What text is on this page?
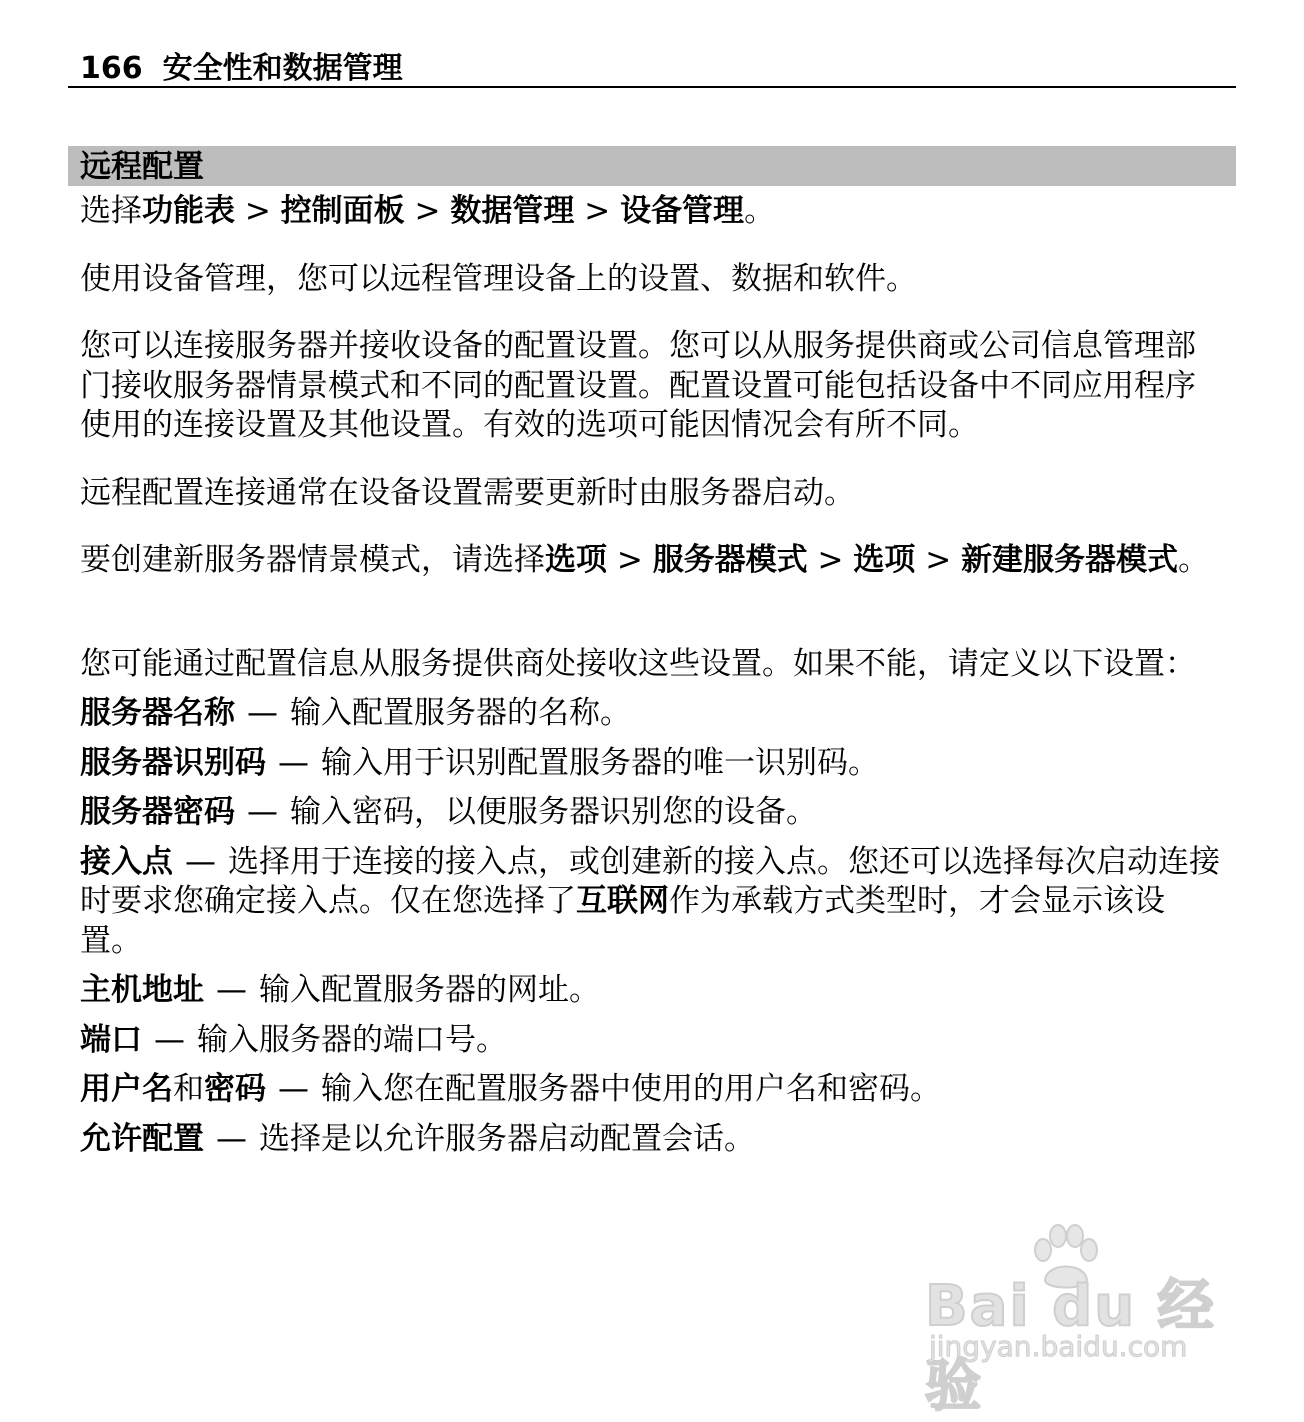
166 安全性和数据管理
远程配置

选择功能表 > 控制面板 > 数据管理 > 设备管理。

使用设备管理，您可以远程管理设备上的设置、数据和软件。

您可以连接服务器并接收设备的配置设置。您可以从服务提供商或公司信息管理部门接收服务器情景模式和不同的配置设置。配置设置可能包括设备中不同应用程序使用的连接设置及其他设置。有效的选项可能因情况会有所不同。

远程配置连接通常在设备设置需要更新时由服务器启动。

要创建新服务器情景模式，请选择选项 > 服务器模式 > 选项 > 新建服务器模式。

您可能通过配置信息从服务提供商处接收这些设置。如果不能，请定义以下设置：

服务器名称 — 输入配置服务器的名称。

服务器识别码 — 输入用于识别配置服务器的唯一识别码。

服务器密码 — 输入密码，以便服务器识别您的设备。

接入点 — 选择用于连接的接入点，或创建新的接入点。您还可以选择每次启动连接时要求您确定接入点。仅在您选择了互联网作为承载方式类型时，才会显示该设置。

主机地址 — 输入配置服务器的网址。

端口 — 输入服务器的端口号。

用户名和密码 — 输入您在配置服务器中使用的用户名和密码。

允许配置 — 选择是以允许服务器启动配置会话。

Bai du 经验
jingyan.baidu.com
